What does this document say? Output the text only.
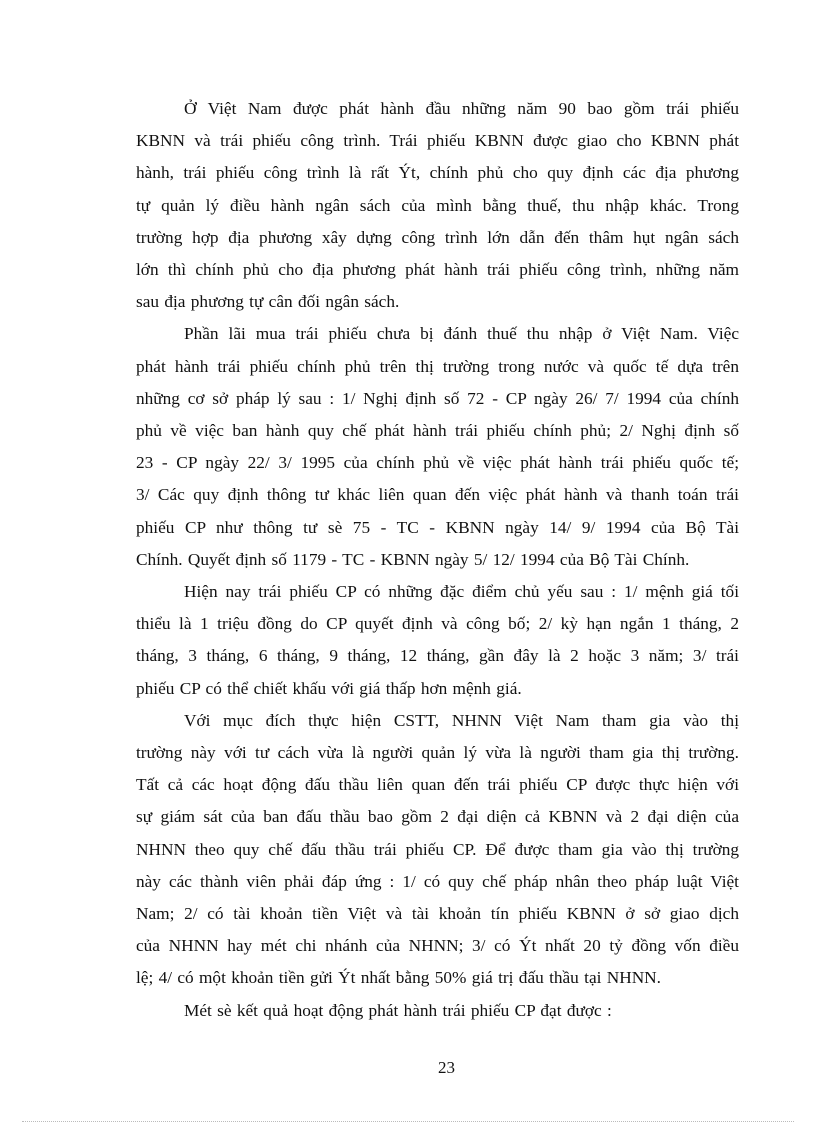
Ở Việt Nam được phát hành đầu những năm 90 bao gồm trái phiếu
KBNN và trái phiếu công trình. Trái phiếu KBNN được giao cho KBNN phát
hành, trái phiếu công trình là rất Ýt, chính phủ cho quy định các địa phương
tự quản lý điều hành ngân sách của mình bằng thuế, thu nhập khác. Trong
trường hợp địa phương xây dựng công trình lớn dẫn đến thâm hụt ngân sách
lớn thì chính phủ cho địa phương phát hành trái phiếu công trình, những năm
sau địa phương tự cân đối ngân sách.

Phần lãi mua trái phiếu chưa bị đánh thuế thu nhập ở Việt Nam. Việc
phát hành trái phiếu chính phủ trên thị trường trong nước và quốc tế dựa trên
những cơ sở pháp lý sau : 1/ Nghị định số 72 - CP ngày 26/ 7/ 1994 của chính
phủ về việc ban hành quy chế phát hành trái phiếu chính phủ; 2/ Nghị định số
23 - CP ngày 22/ 3/ 1995 của chính phủ về việc phát hành trái phiếu quốc tế;
3/ Các quy định thông tư khác liên quan đến việc phát hành và thanh toán trái
phiếu CP như thông tư sè 75 - TC - KBNN ngày 14/ 9/ 1994 của Bộ Tài
Chính. Quyết định số 1179 - TC - KBNN ngày 5/ 12/ 1994 của Bộ Tài Chính.

Hiện nay trái phiếu CP có những đặc điểm chủ yếu sau : 1/ mệnh giá tối
thiểu là 1 triệu đồng do CP quyết định và công bố; 2/ kỳ hạn ngắn 1 tháng, 2
tháng, 3 tháng, 6 tháng, 9 tháng, 12 tháng, gần đây là 2 hoặc 3 năm; 3/ trái
phiếu CP có thể chiết khấu với giá thấp hơn mệnh giá.

Với mục đích thực hiện CSTT, NHNN Việt Nam tham gia vào thị
trường này với tư cách vừa là người quản lý vừa là người tham gia thị trường.
Tất cả các hoạt động đấu thầu liên quan đến trái phiếu CP được thực hiện với
sự giám sát của ban đấu thầu bao gồm 2 đại diện cả KBNN và 2 đại diện của
NHNN theo quy chế đấu thầu trái phiếu CP. Để được tham gia vào thị trường
này các thành viên phải đáp ứng : 1/ có quy chế pháp nhân theo pháp luật Việt
Nam; 2/ có tài khoản tiền Việt và tài khoản tín phiếu KBNN ở sở giao dịch
của NHNN hay mét chi nhánh của NHNN; 3/ có Ýt nhất 20 tỷ đồng vốn điều
lệ; 4/ có một khoản tiền gửi Ýt nhất bằng 50% giá trị đấu thầu tại NHNN.

Mét sè kết quả hoạt động phát hành trái phiếu CP đạt được :

23
